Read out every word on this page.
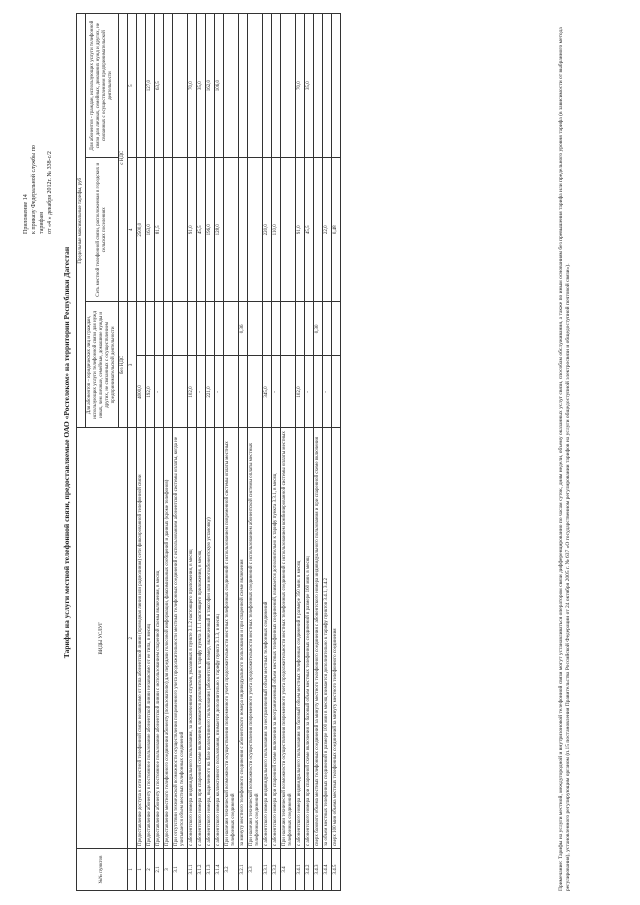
Приложение 14 к приказу Федеральной службы по тарифам от «4 » декабря 2012г. № 338-с/2
Тарифы на услуги местной телефонной связи, предоставляемые ОАО «Ростелеком» на территории Республики Дагестан
№№ пунктов	ВИДЫ УСЛУГ	Предельные максимальные тарифы, руб			
		Для абонентов – юридических лиц и граждан, использующих услуги телефонной связи для нужд иных, чем личные, семейные, домашние нужды и других, не связанных с осуществлением предпринимательской деятельности		Сеть местной телефонной связи, расположенная в городских и сельских поселениях	Для абонентов - граждан, использующих услуги телефонной связи для личных, семейных, домашних нужд и других, не связанных с осуществлением предпринимательской деятельности
		без НДС		с НДС	
1	2	3		4	5
1	Предоставление доступа к сети местной телефонной связи независимо от типа абонентской линии (проводная линия или радиолиния) сети фиксированной телефонной связи	4000,0		2500,0	
2	Предоставление абоненту в постоянное пользование абонентской линии независимо от ее типа, в месяц	192,0		163,0	127,0
2.1	Предоставление абоненту в постоянное пользование абонентской линии с использованием спаренной схемы включения, в месяц	-		81,5	63,5
3	Предоставление местного телефонного соединения абоненту (пользователю) для передачи голосовой информации, факсимильных сообщений и данных (кроме телефонов)				
3.1	При отсутствии технической возможности осуществления повременного учета продолжительности местных телефонных соединений с использованием абонентской системы оплаты, когда не учитывается объем местных телефонных соединений				
3.1.1	с абонентского номера индивидуального пользования, за исключением случаев, указанных в пункте 3.1.2 настоящего приложения, в месяц	102,0		91,0	70,0
3.1.2	с абонентского номера при спаренной схеме включения, взимается дополнительно к тарифу пункта 3.1.1 настоящего приложения, в месяц	-		45,5	35,0
3.1.3	с абонентского номера, выделенного на базе коллективного пользования (абонентский номер, включенный в таксофон или многоабонентскую установку)	221,0		196,0	162,0
3.1.4	с абонентского номера коллективного пользования, взимается дополнительно к тарифу пункта 3.1.3, в месяц	-		128,0	106,0
3.2	При наличии технической возможности осуществления повременного учета продолжительности местных телефонных соединений с использованием повременной системы оплаты местных телефонных соединений				
3.2.1	за минуту местного телефонного соединения с абонентского номера индивидуального пользования и при спаренной схеме включения		0,36		
3.3	При наличии технической возможности осуществления повременного учета продолжительности местных телефонных соединений с использованием абонентской системы оплаты местных телефонных соединений				
3.3.1	с абонентского номера индивидуального пользования за неограниченный объем местных телефонных соединений	345,0		220,0	
3.3.2	с абонентского номера при спаренной схеме включения за неограниченный объем местных телефонных соединений, взимается дополнительно к тарифу пункта 3.3.1, в месяц	-		110,0	
3.4	При наличии технической возможности осуществления повременного учета продолжительности местных телефонных соединений с использованием комбинированной системы оплаты местных телефонных соединений				
3.4.1	с абонентского номера индивидуального пользования за базовый объем местных телефонных соединений в размере 350 мин. в месяц	102,0		91,0	70,0
3.4.2	с абонентского номера при спаренной схеме включения за базовый объем местных телефонных соединений в размере 160 мин. в месяц	-		45,5	35,0
3.4.3	сверх базового объема местных телефонных соединений за минуту местного телефонного соединения с абонентского номера индивидуального пользования и при спаренной схеме включения		0,30		
3.4.4	за объем местных телефонных соединений в размере 100 мин в месяц взимается дополнительно к тарифу пунктов 3.4.1, 3.4.2	-		22,0	
3.4.5	сверх 100 мин объема местных телефонных соединений за минуту местного телефонного соединения			0,48	
Примечание: Тарифы на услуги местной, междугородной и внутризоновой телефонной связи могут устанавливаться оператором связи дифференцированно по часам суток, дням недели, объему оказанных услуг связи, способам обслуживания, а также по иным основаниям без превышения тарифа или предельного уровня тарифа (в зависимости от выбранного метода регулирования), установленного регулирующим органом (п.15 постановления Правительства Российской Федерации от 24 октября 2005 г. № 637 «О государственном регулировании тарифов на услуги общедоступной электросвязи и общедоступной почтовой связи»).
